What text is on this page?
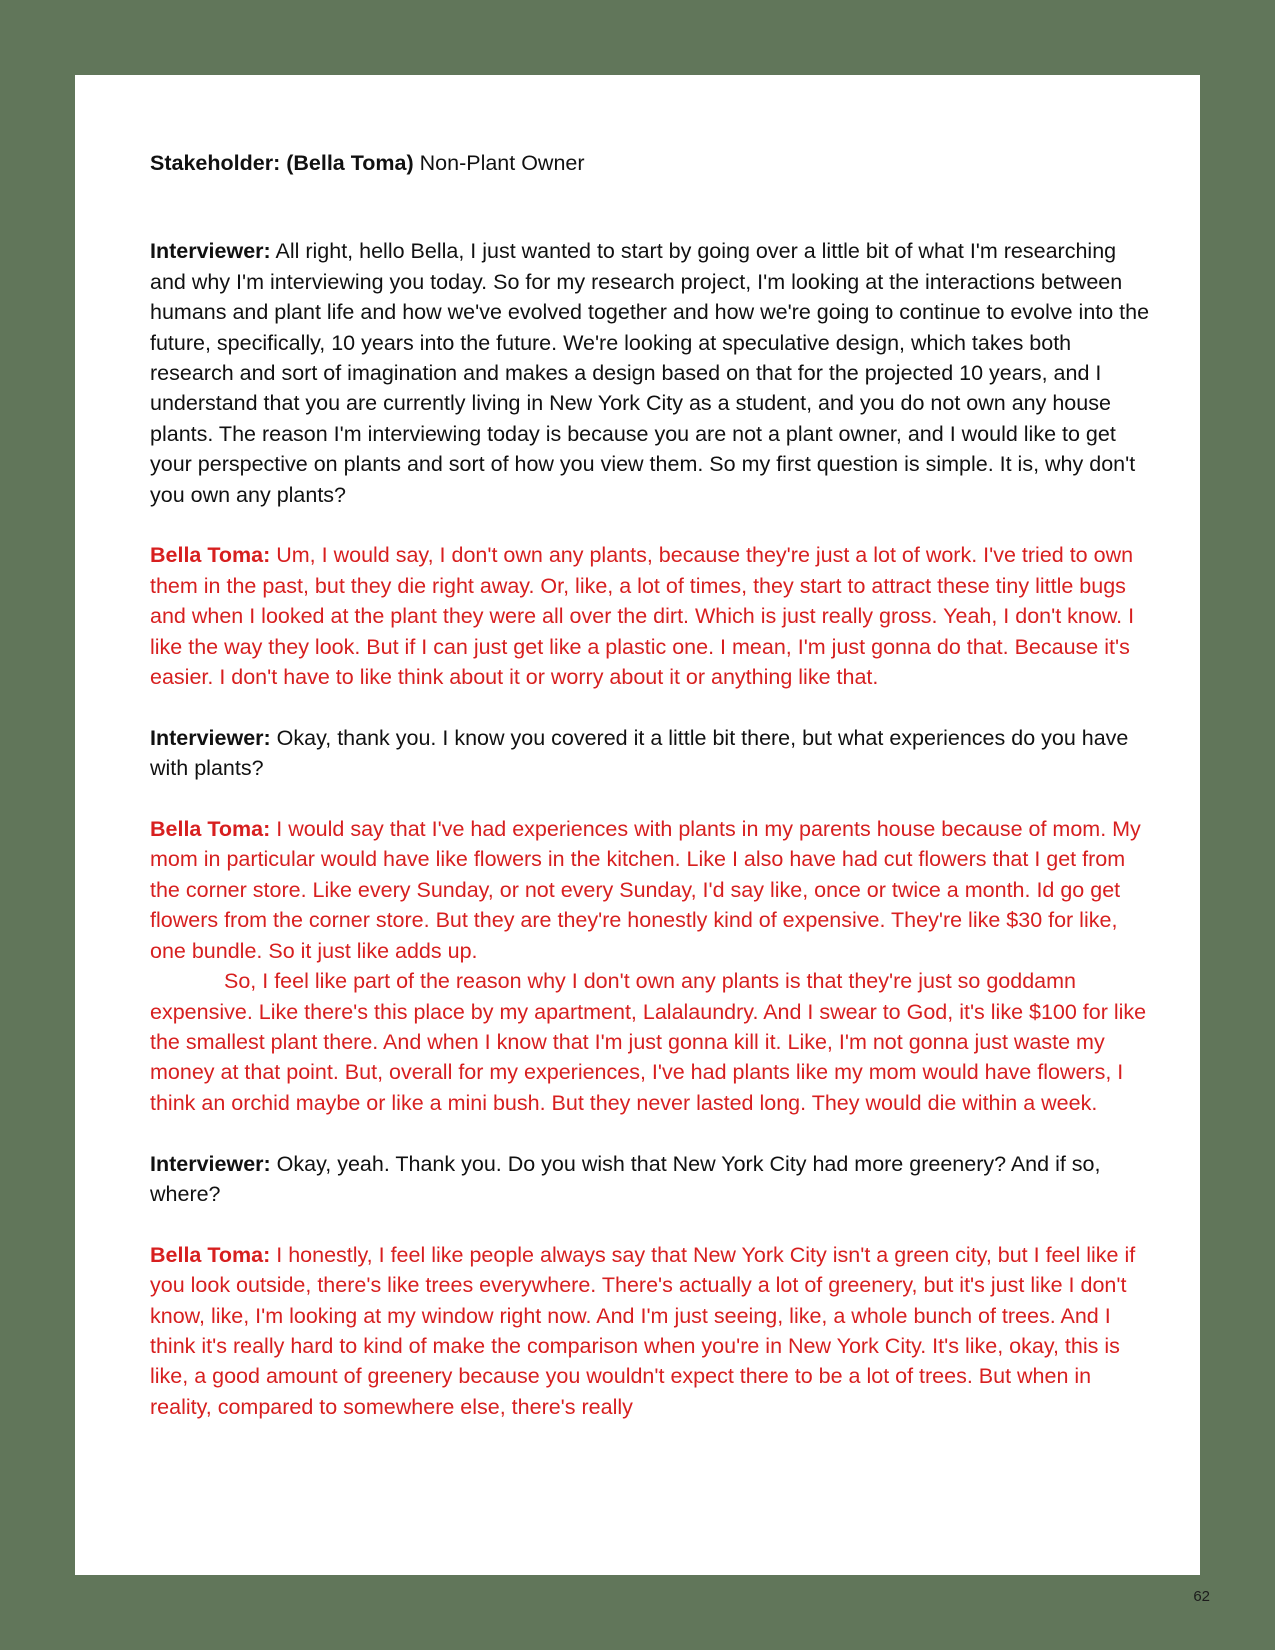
Stakeholder: (Bella Toma) Non-Plant Owner

Interviewer: All right, hello Bella, I just wanted to start by going over a little bit of what I'm researching and why I'm interviewing you today. So for my research project, I'm looking at the interactions between humans and plant life and how we've evolved together and how we're going to continue to evolve into the future, specifically, 10 years into the future. We're looking at speculative design, which takes both research and sort of imagination and makes a design based on that for the projected 10 years, and I understand that you are currently living in New York City as a student, and you do not own any house plants. The reason I'm interviewing today is because you are not a plant owner, and I would like to get your perspective on plants and sort of how you view them. So my first question is simple. It is, why don't you own any plants?

Bella Toma: Um, I would say, I don't own any plants, because they're just a lot of work. I've tried to own them in the past, but they die right away. Or, like, a lot of times, they start to attract these tiny little bugs and when I looked at the plant they were all over the dirt. Which is just really gross. Yeah, I don't know. I like the way they look. But if I can just get like a plastic one. I mean, I'm just gonna do that. Because it's easier. I don't have to like think about it or worry about it or anything like that.

Interviewer: Okay, thank you. I know you covered it a little bit there, but what experiences do you have with plants?

Bella Toma: I would say that I've had experiences with plants in my parents house because of mom. My mom in particular would have like flowers in the kitchen. Like I also have had cut flowers that I get from the corner store. Like every Sunday, or not every Sunday, I'd say like, once or twice a month. Id go get flowers from the corner store. But they are they're honestly kind of expensive. They're like $30 for like, one bundle. So it just like adds up.

So, I feel like part of the reason why I don't own any plants is that they're just so goddamn expensive. Like there's this place by my apartment, Lalalaundry. And I swear to God, it's like $100 for like the smallest plant there. And when I know that I'm just gonna kill it. Like, I'm not gonna just waste my money at that point. But, overall for my experiences, I've had plants like my mom would have flowers, I think an orchid maybe or like a mini bush. But they never lasted long. They would die within a week.

Interviewer: Okay, yeah. Thank you. Do you wish that New York City had more greenery? And if so, where?

Bella Toma: I honestly, I feel like people always say that New York City isn't a green city, but I feel like if you look outside, there's like trees everywhere. There's actually a lot of greenery, but it's just like I don't know, like, I'm looking at my window right now. And I'm just seeing, like, a whole bunch of trees. And I think it's really hard to kind of make the comparison when you're in New York City. It's like, okay, this is like, a good amount of greenery because you wouldn't expect there to be a lot of trees. But when in reality, compared to somewhere else, there's really

62
